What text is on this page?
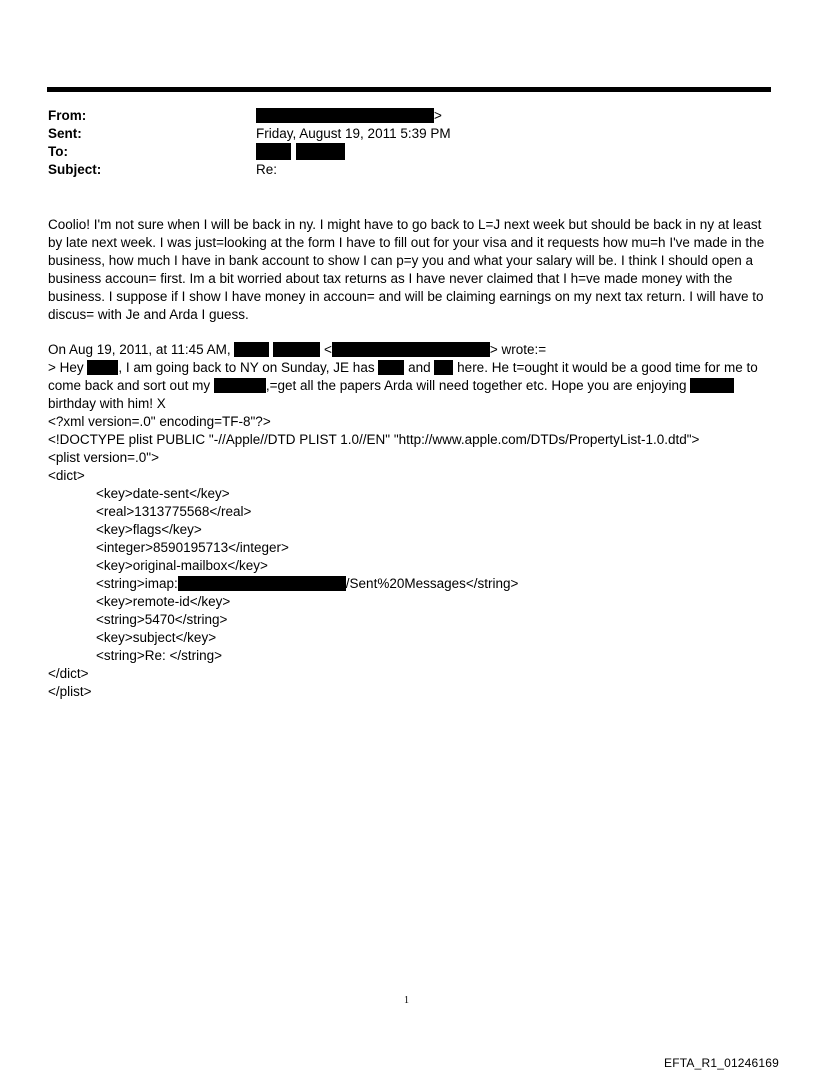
From:	>
Sent:	Friday, August 19, 2011 5:39 PM
To:

Subject:	Re:

Coolio! I'm not sure when I will be back in ny. I might have to go back to L=J next week but should be back in ny at least by late next week. I was just=looking at the form I have to fill out for your visa and it requests how mu=h I've made in the business, how much I have in bank account to show I can p=y you and what your salary will be. I think I should open a business accoun= first. Im a bit worried about tax returns as I have never claimed that I h=ve made money with the business. I suppose if I show I have money in accoun= and will be claiming earnings on my next tax return. I will have to discus= with Je and Arda I guess.

On Aug 19, 2011, at 11:45 AM,	<	> wrote:=
> Hey	, I am going back to NY on Sunday, JE has and here. He t=ought it would be a good time for me to
come back and sort out my	,=get all the papers Arda will need together etc. Hope you are enjoying
birthday with him! X
<?xml version=.0" encoding=TF-8"?>
<!DOCTYPE plist PUBLIC "-//Apple//DTD PLIST 1.0//EN" "http://www.apple.com/DTDs/PropertyList-1.0.dtd">
<plist version=.0">
<dict>
<key>date-sent</key>
<real>1313775568</real>
<key>flags</key>
<integer>8590195713</integer>
<key>original-mailbox</key>
<string>imap:	/Sent%20Messages</string>
<key>remote-id</key>
<string>5470</string>
<key>subject</key>
<string>Re: </string>
</dict>
</plist>
1
EFTA_R1_01246169
